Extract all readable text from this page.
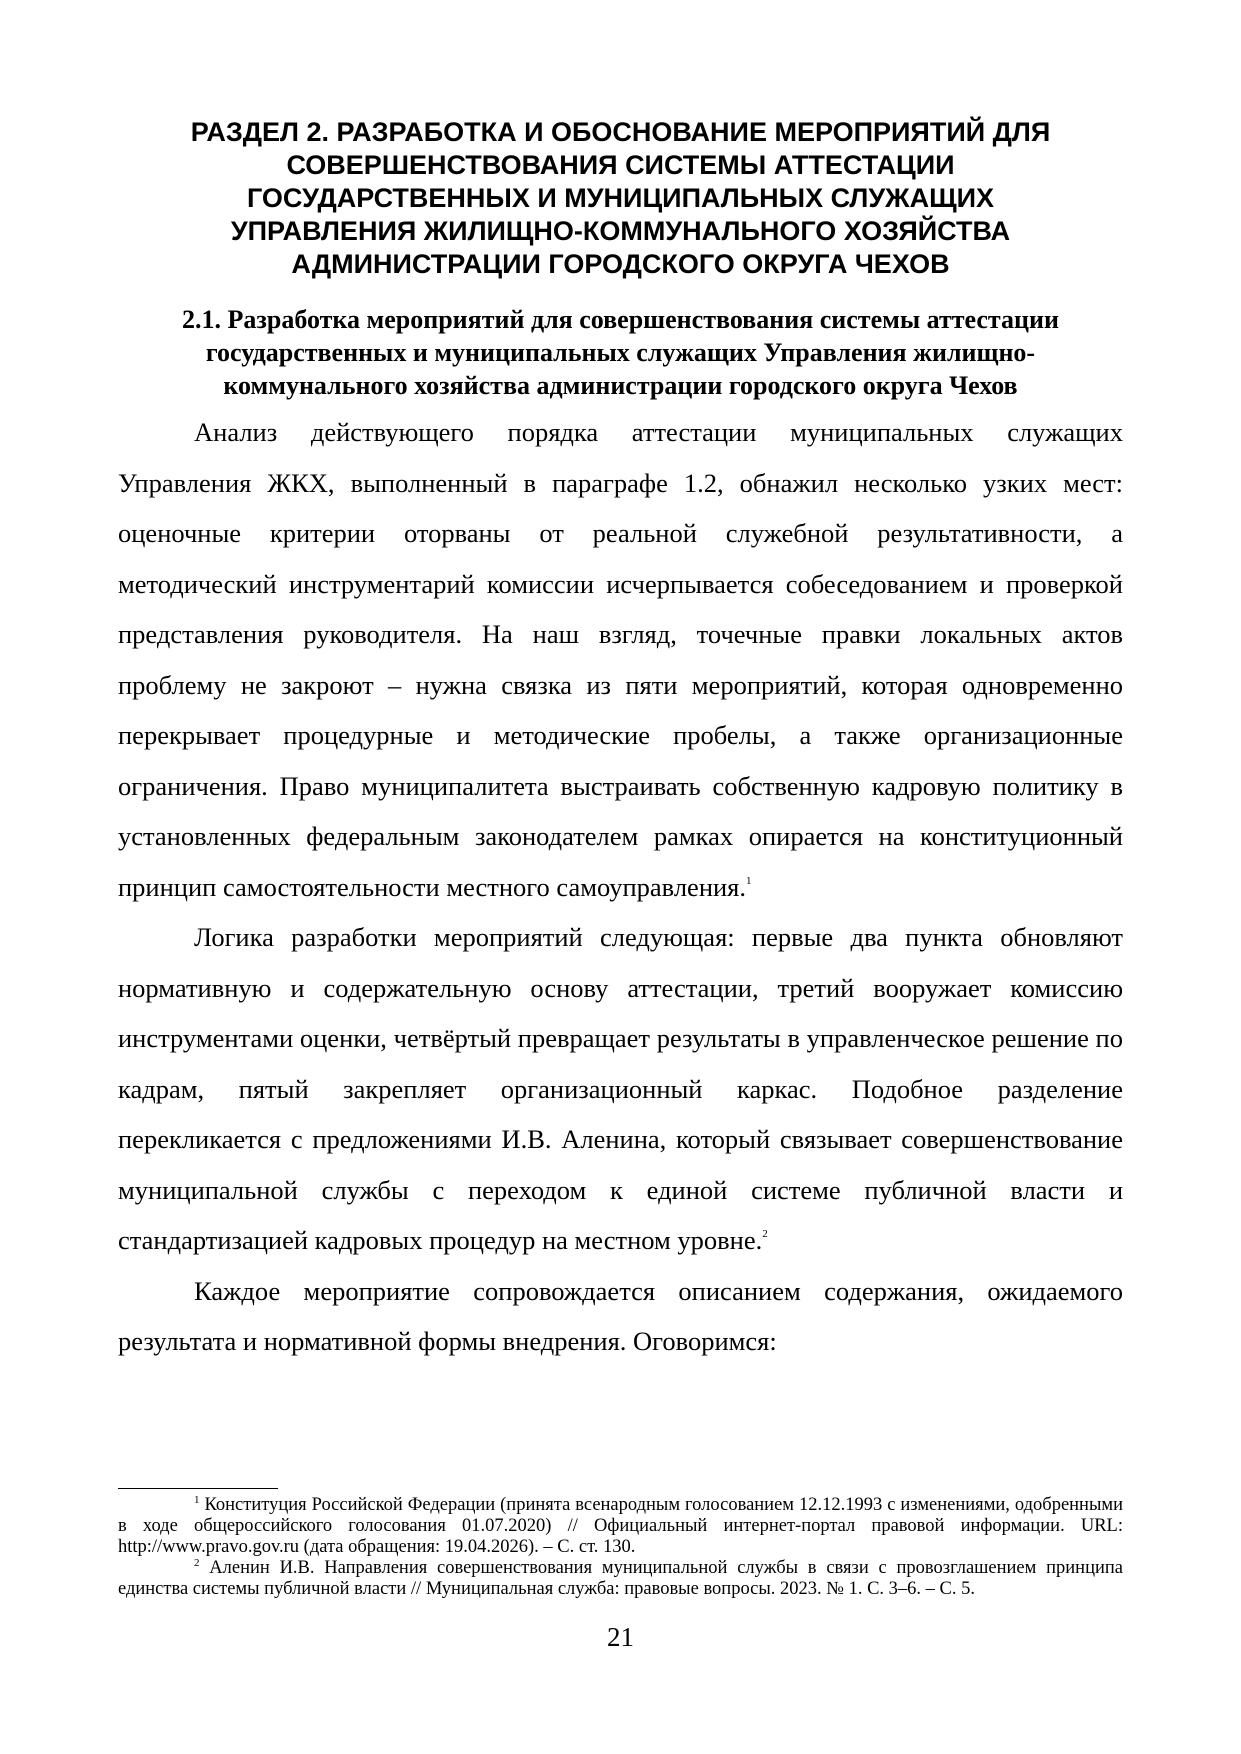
РАЗДЕЛ 2. РАЗРАБОТКА И ОБОСНОВАНИЕ МЕРОПРИЯТИЙ ДЛЯ
СОВЕРШЕНСТВОВАНИЯ СИСТЕМЫ АТТЕСТАЦИИ
ГОСУДАРСТВЕННЫХ И МУНИЦИПАЛЬНЫХ СЛУЖАЩИХ
УПРАВЛЕНИЯ ЖИЛИЩНО-КОММУНАЛЬНОГО ХОЗЯЙСТВА
АДМИНИСТРАЦИИ ГОРОДСКОГО ОКРУГА ЧЕХОВ
2.1. Разработка мероприятий для совершенствования системы аттестации
государственных и муниципальных служащих Управления жилищно-
коммунального хозяйства администрации городского округа Чехов

Анализ действующего порядка аттестации муниципальных служащих Управления ЖКХ, выполненный в параграфе 1.2, обнажил несколько узких мест: оценочные критерии оторваны от реальной служебной результативности, а методический инструментарий комиссии исчерпывается собеседованием и проверкой представления руководителя. На наш взгляд, точечные правки локальных актов проблему не закроют – нужна связка из пяти мероприятий, которая одновременно перекрывает процедурные и методические пробелы, а также организационные ограничения. Право муниципалитета выстраивать собственную кадровую политику в установленных федеральным законодателем рамках опирается на конституционный принцип самостоятельности местного самоуправления.$^1$

Логика разработки мероприятий следующая: первые два пункта обновляют нормативную и содержательную основу аттестации, третий вооружает комиссию инструментами оценки, четвёртый превращает результаты в управленческое решение по кадрам, пятый закрепляет организационный каркас. Подобное разделение перекликается с предложениями И.В. Аленина, который связывает совершенствование муниципальной службы с переходом к единой системе публичной власти и стандартизацией кадровых процедур на местном уровне.$^2$

Каждое мероприятие сопровождается описанием содержания, ожидаемого результата и нормативной формы внедрения. Оговоримся:

$^1$ Конституция Российской Федерации (принята всенародным голосованием 12.12.1993 с изменениями, одобренными в ходе общероссийского голосования 01.07.2020) // Официальный интернет-портал правовой информации. URL: http://www.pravo.gov.ru (дата обращения: 19.04.2026). – С. ст. 130.

$^2$ Аленин И.В. Направления совершенствования муниципальной службы в связи с провозглашением принципа единства системы публичной власти // Муниципальная служба: правовые вопросы. 2023. № 1. С. 3–6. – С. 5.

21
